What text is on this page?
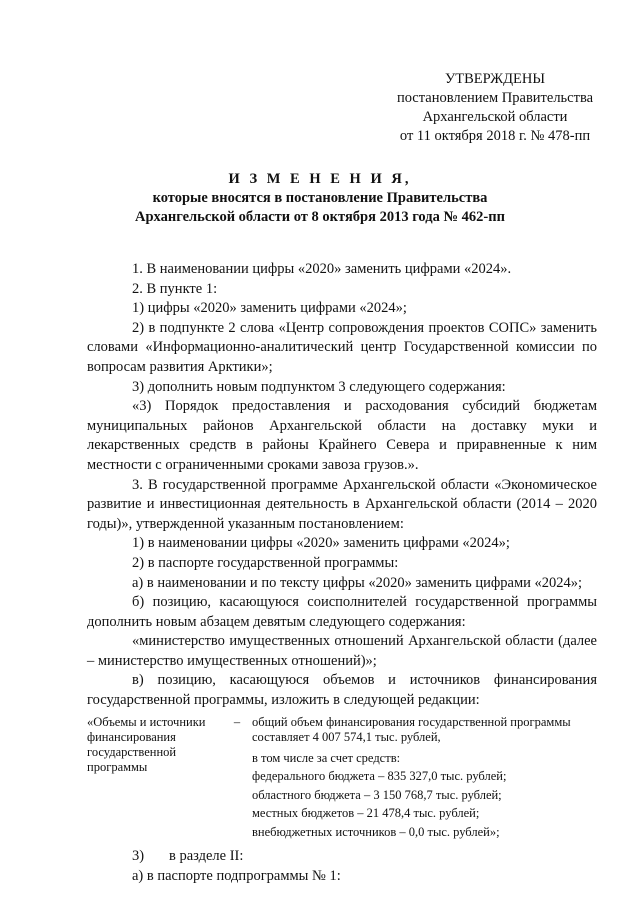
УТВЕРЖДЕНЫ
постановлением Правительства
Архангельской области
от 11 октября 2018 г. № 478-пп
И З М Е Н Е Н И Я,
которые вносятся в постановление Правительства
Архангельской области от 8 октября 2013 года № 462-пп

1. В наименовании цифры «2020» заменить цифрами «2024».

2. В пункте 1:

1) цифры «2020» заменить цифрами «2024»;

2) в подпункте 2 слова «Центр сопровождения проектов СОПС» заменить словами «Информационно-аналитический центр Государственной комиссии по вопросам развития Арктики»;

3) дополнить новым подпунктом 3 следующего содержания:

«3) Порядок предоставления и расходования субсидий бюджетам муниципальных районов Архангельской области на доставку муки и лекарственных средств в районы Крайнего Севера и приравненные к ним местности с ограниченными сроками завоза грузов.».

3. В государственной программе Архангельской области «Экономическое развитие и инвестиционная деятельность в Архангельской области (2014 – 2020 годы)», утвержденной указанным постановлением:

1) в наименовании цифры «2020» заменить цифрами «2024»;

2) в паспорте государственной программы:

а) в наименовании и по тексту цифры «2020» заменить цифрами «2024»;

б) позицию, касающуюся соисполнителей государственной программы дополнить новым абзацем девятым следующего содержания:

«министерство имущественных отношений Архангельской области (далее – министерство имущественных отношений)»;

в) позицию, касающуюся объемов и источников финансирования государственной программы, изложить в следующей редакции:

«Объемы и источники финансирования государственной программы
– общий объем финансирования государственной программы составляет 4 007 574,1 тыс. рублей,
в том числе за счет средств:
федерального бюджета – 835 327,0 тыс. рублей;
областного бюджета – 3 150 768,7 тыс. рублей;
местных бюджетов – 21 478,4 тыс. рублей;
внебюджетных источников – 0,0 тыс. рублей»;
3)	в разделе II:

а) в паспорте подпрограммы № 1:
